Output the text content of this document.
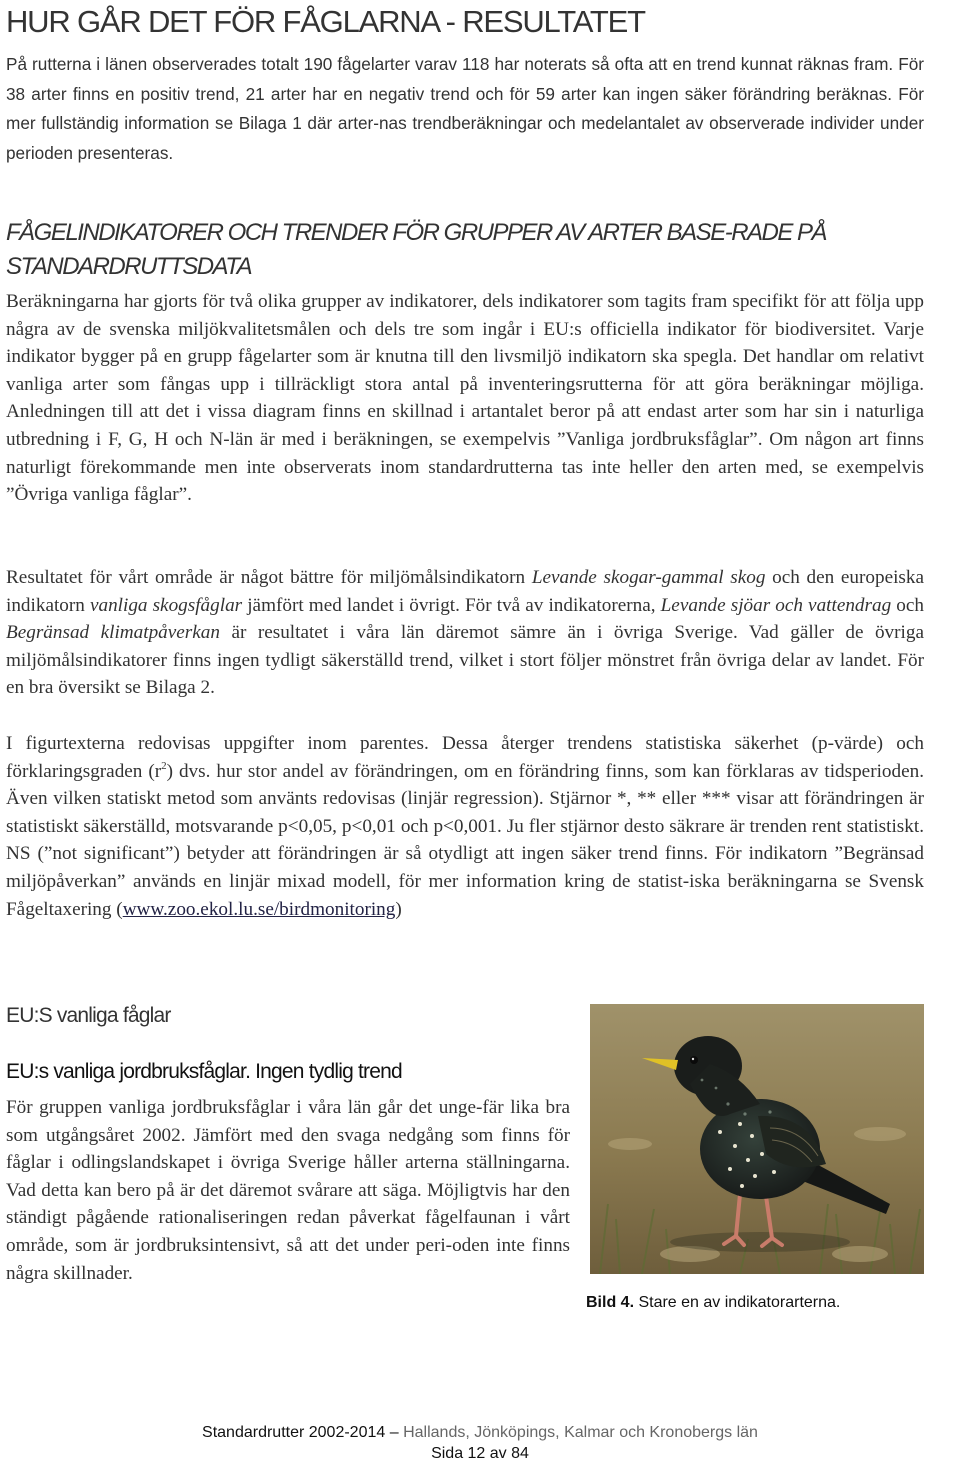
HUR GÅR DET FÖR FÅGLARNA - RESULTATET

På rutterna i länen observerades totalt 190 fågelarter varav 118 har noterats så ofta att en trend kunnat räknas fram. För 38 arter finns en positiv trend, 21 arter har en negativ trend och för 59 arter kan ingen säker förändring beräknas. För mer fullständig information se Bilaga 1 där arter-nas trendberäkningar och medelantalet av observerade individer under perioden presenteras.

FÅGELINDIKATORER OCH TRENDER FÖR GRUPPER AV ARTER BASE-RADE PÅ STANDARDRUTTSDATA

Beräkningarna har gjorts för två olika grupper av indikatorer, dels indikatorer som tagits fram specifikt för att följa upp några av de svenska miljökvalitetsmålen och dels tre som ingår i EU:s officiella indikator för biodiversitet. Varje indikator bygger på en grupp fågelarter som är knutna till den livsmiljö indikatorn ska spegla. Det handlar om relativt vanliga arter som fångas upp i tillräckligt stora antal på inventeringsrutterna för att göra beräkningar möjliga. Anledningen till att det i vissa diagram finns en skillnad i artantalet beror på att endast arter som har sin i naturliga utbredning i F, G, H och N-län är med i beräkningen, se exempelvis ”Vanliga jordbruksfåglar”. Om någon art finns naturligt förekommande men inte observerats inom standardrutterna tas inte heller den arten med, se exempelvis ”Övriga vanliga fåglar”.

Resultatet för vårt område är något bättre för miljömålsindikatorn Levande skogar-gammal skog och den europeiska indikatorn vanliga skogsfåglar jämfört med landet i övrigt. För två av indikatorerna, Levande sjöar och vattendrag och Begränsad klimatpåverkan är resultatet i våra län däremot sämre än i övriga Sverige. Vad gäller de övriga miljömålsindikatorer finns ingen tydligt säkerställd trend, vilket i stort följer mönstret från övriga delar av landet. För en bra översikt se Bilaga 2.

I figurtexterna redovisas uppgifter inom parentes. Dessa återger trendens statistiska säkerhet (p-värde) och förklaringsgraden $(r^2)$ dvs. hur stor andel av förändringen, om en förändring finns, som kan förklaras av tidsperioden. Även vilken statiskt metod som använts redovisas (linjär regression). Stjärnor *, ** eller *** visar att förändringen är statistiskt säkerställd, motsvarande p<0,05, p<0,01 och p<0,001. Ju fler stjärnor desto säkrare är trenden rent statistiskt. NS (”not significant”) betyder att förändringen är så otydligt att ingen säker trend finns. För indikatorn ”Begränsad miljöpåverkan” används en linjär mixad modell, för mer information kring de statist-iska beräkningarna se Svensk Fågeltaxering (www.zoo.ekol.lu.se/birdmonitoring)

EU:S vanliga fåglar
EU:s vanliga jordbruksfåglar. Ingen tydlig trend

För gruppen vanliga jordbruksfåglar i våra län går det unge-fär lika bra som utgångsåret 2002. Jämfört med den svaga nedgång som finns för fåglar i odlingslandskapet i övriga Sverige håller arterna ställningarna. Vad detta kan bero på är det däremot svårare att säga. Möjligtvis har den ständigt pågående rationaliseringen redan påverkat fågelfaunan i vårt område, som är jordbruksintensivt, så att det under peri-oden inte finns några skillnader.

Bild 4. Stare en av indikatorarterna.

Standardrutter 2002-2014 – Hallands, Jönköpings, Kalmar och Kronobergs län
Sida 12 av 84
